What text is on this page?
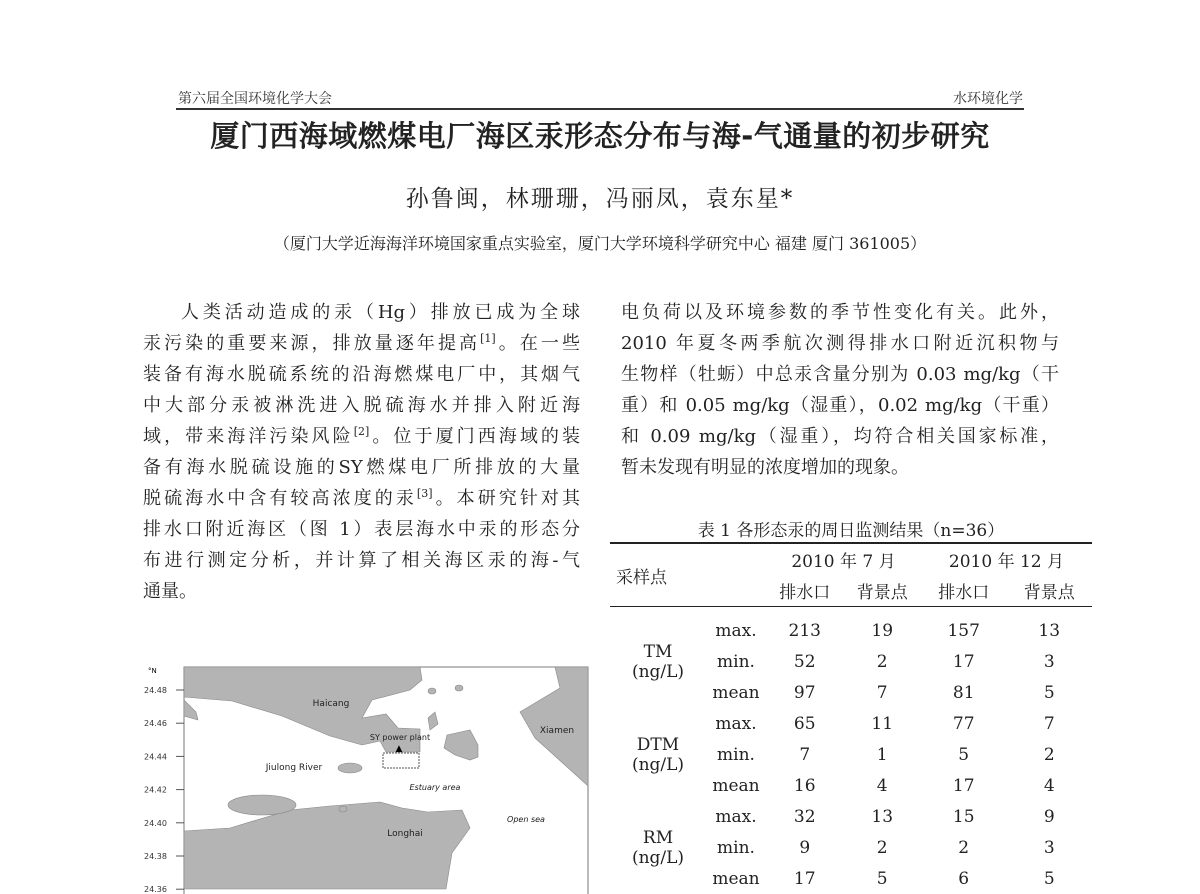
第六届全国环境化学大会	水环境化学
厦门西海域燃煤电厂海区汞形态分布与海-气通量的初步研究
孙鲁闽，林珊珊，冯丽凤，袁东星*
（厦门大学近海海洋环境国家重点实验室，厦门大学环境科学研究中心 福建 厦门 361005）
人类活动造成的汞（Hg）排放已成为全球
汞污染的重要来源，排放量逐年提高[1]。在一些
装备有海水脱硫系统的沿海燃煤电厂中，其烟气
中大部分汞被淋洗进入脱硫海水并排入附近海
域，带来海洋污染风险[2]。位于厦门西海域的装
备有海水脱硫设施的SY燃煤电厂所排放的大量
脱硫海水中含有较高浓度的汞[3]。本研究针对其
排水口附近海区（图 1）表层海水中汞的形态分
布进行测定分析，并计算了相关海区汞的海-气
通量。
电负荷以及环境参数的季节性变化有关。此外，
2010 年夏冬两季航次测得排水口附近沉积物与
生物样（牡蛎）中总汞含量分别为 0.03 mg/kg（干
重）和 0.05 mg/kg（湿重），0.02 mg/kg（干重）
和 0.09 mg/kg（湿重），均符合相关国家标准，
暂未发现有明显的浓度增加的现象。
表 1 各形态汞的周日监测结果（n=36）
采样点		2010 年 7 月		2010 年 12 月	
		排水口	背景点	排水口	背景点

TM
(ng/L)	max.	213	19	157	13
	min.	52	2	17	3
	mean	97	7	81	5
DTM
(ng/L)	max.	65	11	77	7
	min.	7	1	5	2
	mean	16	4	17	4
RM
(ng/L)	max.	32	13	15	9
	min.	9	2	2	3
	mean	17	5	6	5
▲
Haicang
SY power plant
Jiulong River
Estuary area
Xiamen
Open sea
Longhai
°N
24.48
24.46
24.44
24.42
24.40
24.38
24.36
